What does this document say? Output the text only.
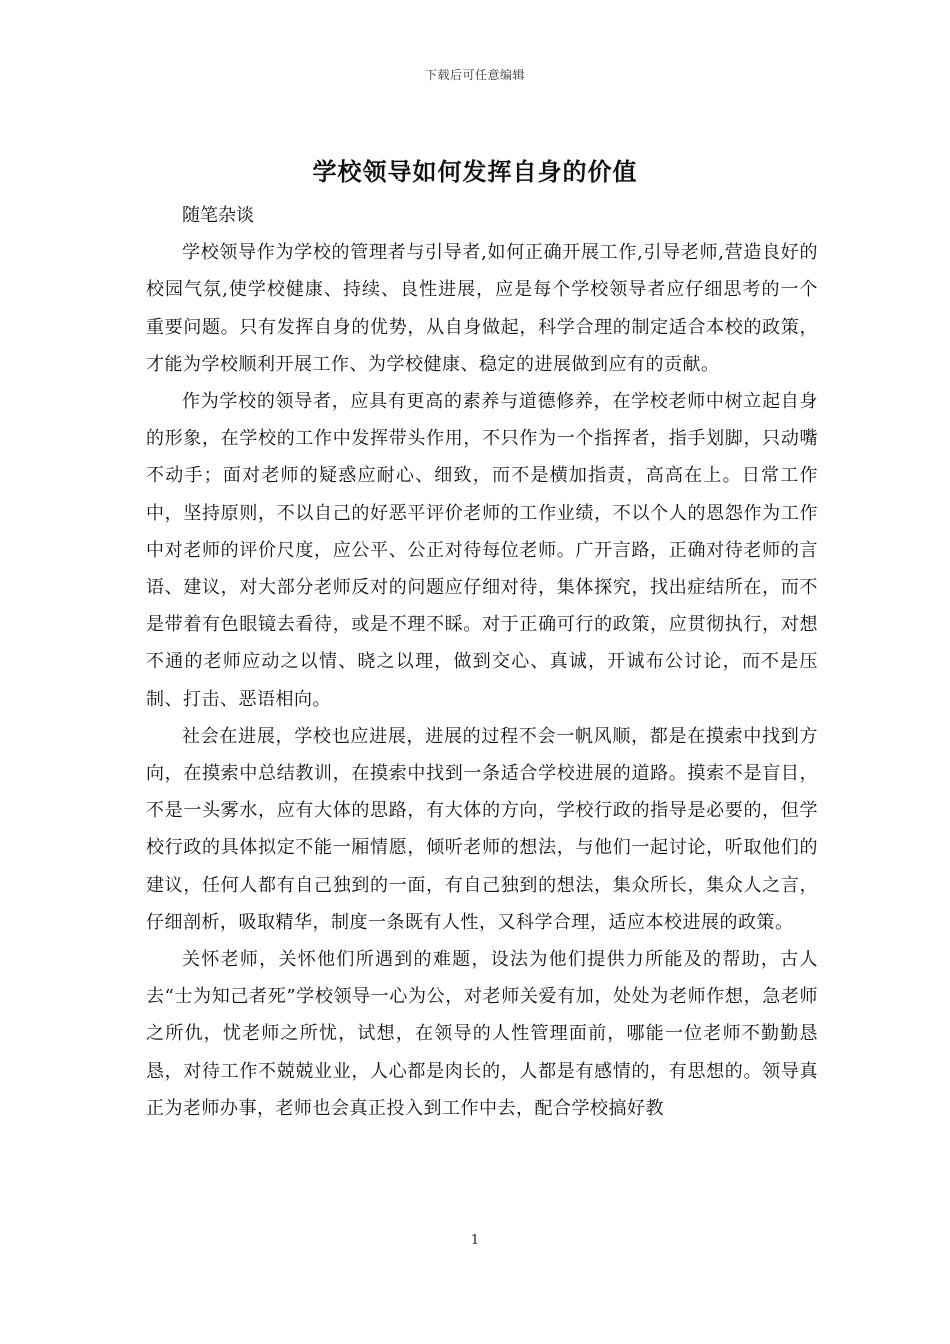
下载后可任意编辑
学校领导如何发挥自身的价值

随笔杂谈

学校领导作为学校的管理者与引导者,如何正确开展工作,引导老师,营造良好的校园气氛,使学校健康、持续、良性进展，应是每个学校领导者应仔细思考的一个重要问题。只有发挥自身的优势，从自身做起，科学合理的制定适合本校的政策，才能为学校顺利开展工作、为学校健康、稳定的进展做到应有的贡献。

作为学校的领导者，应具有更高的素养与道德修养，在学校老师中树立起自身的形象，在学校的工作中发挥带头作用，不只作为一个指挥者，指手划脚，只动嘴不动手；面对老师的疑惑应耐心、细致，而不是横加指责，高高在上。日常工作中，坚持原则，不以自己的好恶平评价老师的工作业绩，不以个人的恩怨作为工作中对老师的评价尺度，应公平、公正对待每位老师。广开言路，正确对待老师的言语、建议，对大部分老师反对的问题应仔细对待，集体探究，找出症结所在，而不是带着有色眼镜去看待，或是不理不睬。对于正确可行的政策，应贯彻执行，对想不通的老师应动之以情、晓之以理，做到交心、真诚，开诚布公讨论，而不是压制、打击、恶语相向。

社会在进展，学校也应进展，进展的过程不会一帆风顺，都是在摸索中找到方向，在摸索中总结教训，在摸索中找到一条适合学校进展的道路。摸索不是盲目，不是一头雾水，应有大体的思路，有大体的方向，学校行政的指导是必要的，但学校行政的具体拟定不能一厢情愿，倾听老师的想法，与他们一起讨论，听取他们的建议，任何人都有自己独到的一面，有自己独到的想法，集众所长，集众人之言，仔细剖析，吸取精华，制度一条既有人性，又科学合理，适应本校进展的政策。

关怀老师，关怀他们所遇到的难题，设法为他们提供力所能及的帮助，古人去“士为知己者死”学校领导一心为公，对老师关爱有加，处处为老师作想，急老师之所仇，忧老师之所忧，试想，在领导的人性管理面前，哪能一位老师不勤勤恳恳，对待工作不兢兢业业，人心都是肉长的，人都是有感情的，有思想的。领导真正为老师办事，老师也会真正投入到工作中去，配合学校搞好教

1
